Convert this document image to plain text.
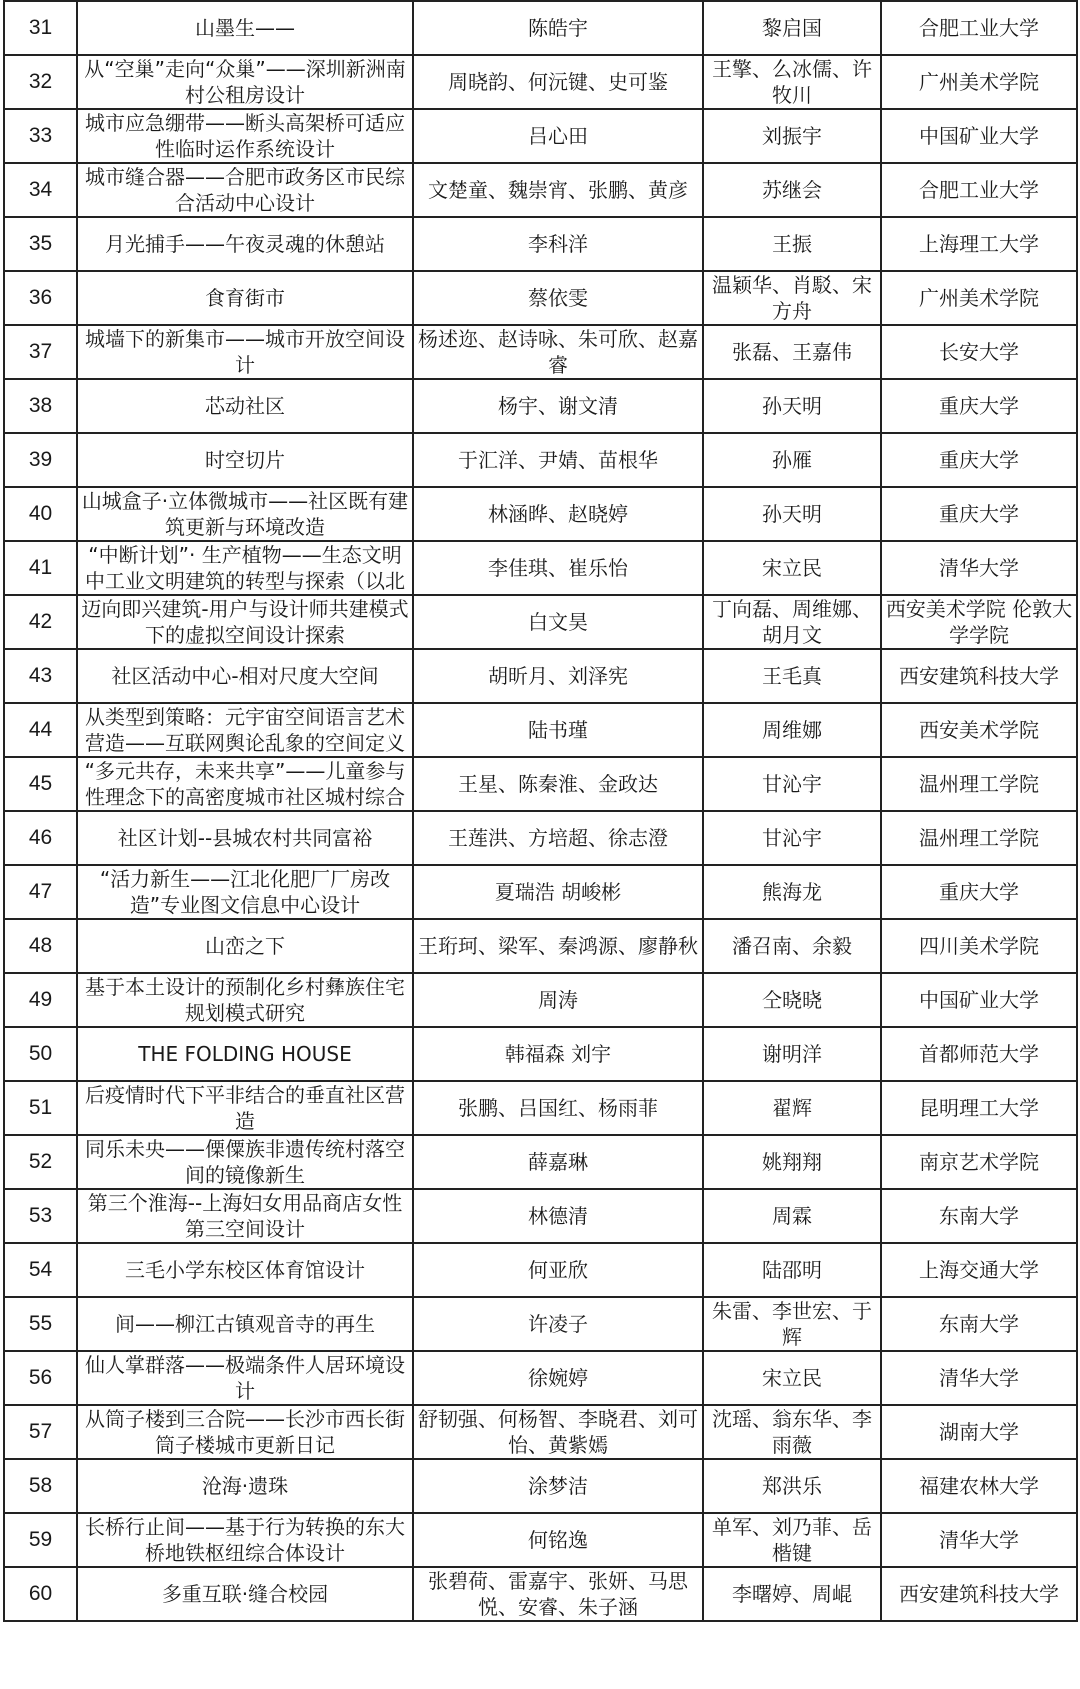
31	山墨生——	陈皓宇	黎启国	合肥工业大学
32	从“空巢”走向“众巢”——深圳新洲南村公租房设计	周晓韵、何沅键、史可鉴	王擎、么冰儒、许牧川	广州美术学院
33	城市应急绷带——断头高架桥可适应性临时运作系统设计	吕心田	刘振宇	中国矿业大学
34	城市缝合器——合肥市政务区市民综合活动中心设计	文楚童、魏崇宵、张鹏、黄彦	苏继会	合肥工业大学
35	月光捕手——午夜灵魂的休憩站	李科洋	王振	上海理工大学
36	食育街市	蔡依雯	温颖华、肖駁、宋方舟	广州美术学院
37	城墙下的新集市——城市开放空间设计	杨述迩、赵诗咏、朱可欣、赵嘉睿	张磊、王嘉伟	长安大学
38	芯动社区	杨宇、谢文清	孙天明	重庆大学
39	时空切片	于汇洋、尹婧、苗根华	孙雁	重庆大学
40	山城盒子·立体微城市——社区既有建筑更新与环境改造	林涵晔、赵晓婷	孙天明	重庆大学
41	“中断计划”· 生产植物——生态文明中工业文明建筑的转型与探索（以北	李佳琪、崔乐怡	宋立民	清华大学
42	迈向即兴建筑-用户与设计师共建模式下的虚拟空间设计探索	白文昊	丁向磊、周维娜、胡月文	西安美术学院 伦敦大学学院
43	社区活动中心-相对尺度大空间	胡昕月、刘泽宪	王毛真	西安建筑科技大学
44	从类型到策略：元宇宙空间语言艺术营造——互联网舆论乱象的空间定义	陆书瑾	周维娜	西安美术学院
45	“多元共存，未来共享”——儿童参与性理念下的高密度城市社区城村综合	王星、陈秦淮、金政达	甘沁宇	温州理工学院
46	社区计划--县城农村共同富裕	王莲洪、方培超、徐志澄	甘沁宇	温州理工学院
47	“活力新生——江北化肥厂厂房改造”专业图文信息中心设计	夏瑞浩 胡峻彬	熊海龙	重庆大学
48	山峦之下	王珩珂、梁军、秦鸿源、廖静秋	潘召南、余毅	四川美术学院
49	基于本土设计的预制化乡村彝族住宅规划模式研究	周涛	仝晓晓	中国矿业大学
50	THE FOLDING HOUSE	韩福森 刘宇	谢明洋	首都师范大学
51	后疫情时代下平非结合的垂直社区营造	张鹏、吕国红、杨雨菲	翟辉	昆明理工大学
52	同乐未央——傈僳族非遗传统村落空间的镜像新生	薛嘉琳	姚翔翔	南京艺术学院
53	第三个淮海--上海妇女用品商店女性第三空间设计	林德清	周霖	东南大学
54	三毛小学东校区体育馆设计	何亚欣	陆邵明	上海交通大学
55	间——柳江古镇观音寺的再生	许凌子	朱雷、李世宏、于辉	东南大学
56	仙人掌群落——极端条件人居环境设计	徐婉婷	宋立民	清华大学
57	从筒子楼到三合院——长沙市西长街筒子楼城市更新日记	舒韧强、何杨智、李晓君、刘可怡、黄紫嫣	沈瑶、翁东华、李雨薇	湖南大学
58	沧海·遗珠	涂梦洁	郑洪乐	福建农林大学
59	长桥行止间——基于行为转换的东大桥地铁枢纽综合体设计	何铭逸	单军、刘乃菲、岳楷键	清华大学
60	多重互联·缝合校园	张碧荷、雷嘉宇、张妍、马思悦、安睿、朱子涵	李曙婷、周崐	西安建筑科技大学
